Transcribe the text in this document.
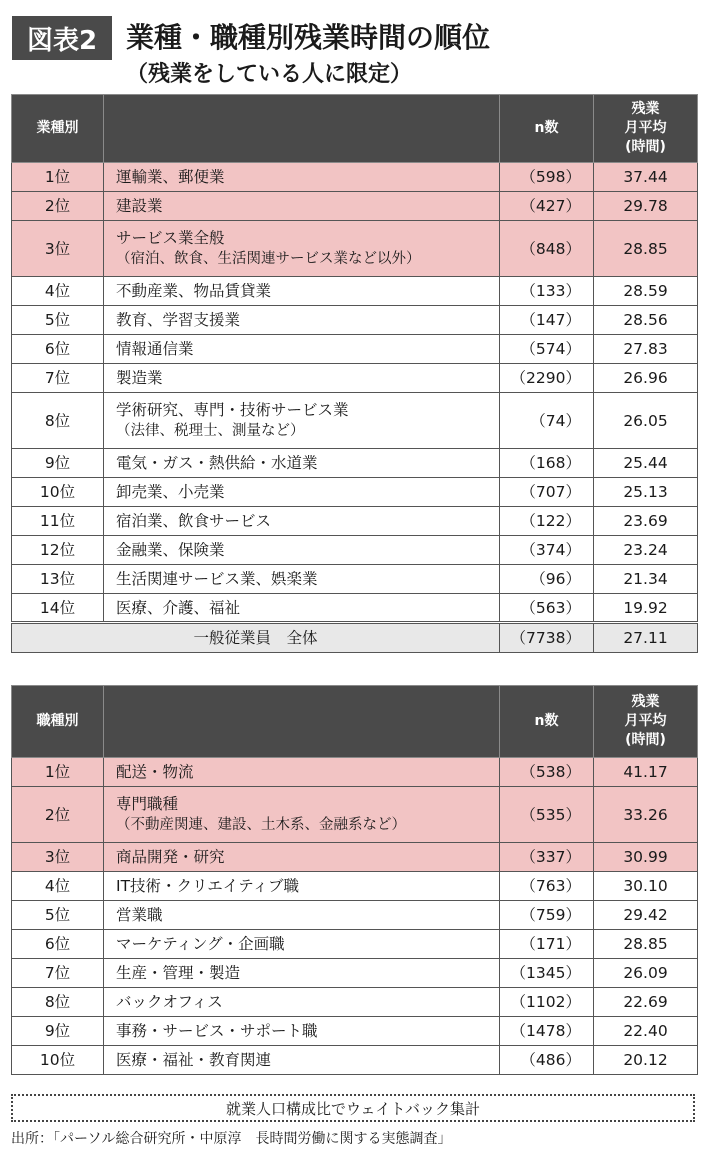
図表2	業種・職種別残業時間の順位
（残業をしている人に限定）
業種別		n数	残業
月平均
(時間)
1位	運輸業、郵便業	（598）	37.44
2位	建設業	（427）	29.78
3位	サービス業全般
（宿泊、飲食、生活関連サービス業など以外）	（848）	28.85
4位	不動産業、物品賃貸業	（133）	28.59
5位	教育、学習支援業	（147）	28.56
6位	情報通信業	（574）	27.83
7位	製造業	（2290）	26.96
8位	学術研究、専門・技術サービス業
（法律、税理士、測量など）	（74）	26.05
9位	電気・ガス・熱供給・水道業	（168）	25.44
10位	卸売業、小売業	（707）	25.13
11位	宿泊業、飲食サービス	（122）	23.69
12位	金融業、保険業	（374）	23.24
13位	生活関連サービス業、娯楽業	（96）	21.34
14位	医療、介護、福祉	（563）	19.92
一般従業員　全体		（7738）	27.11
職種別		n数	残業
月平均
(時間)
1位	配送・物流	（538）	41.17
2位	専門職種
（不動産関連、建設、土木系、金融系など）	（535）	33.26
3位	商品開発・研究	（337）	30.99
4位	IT技術・クリエイティブ職	（763）	30.10
5位	営業職	（759）	29.42
6位	マーケティング・企画職	（171）	28.85
7位	生産・管理・製造	（1345）	26.09
8位	バックオフィス	（1102）	22.69
9位	事務・サービス・サポート職	（1478）	22.40
10位	医療・福祉・教育関連	（486）	20.12
就業人口構成比でウェイトバック集計
出所：「パーソル総合研究所・中原淳　長時間労働に関する実態調査」
